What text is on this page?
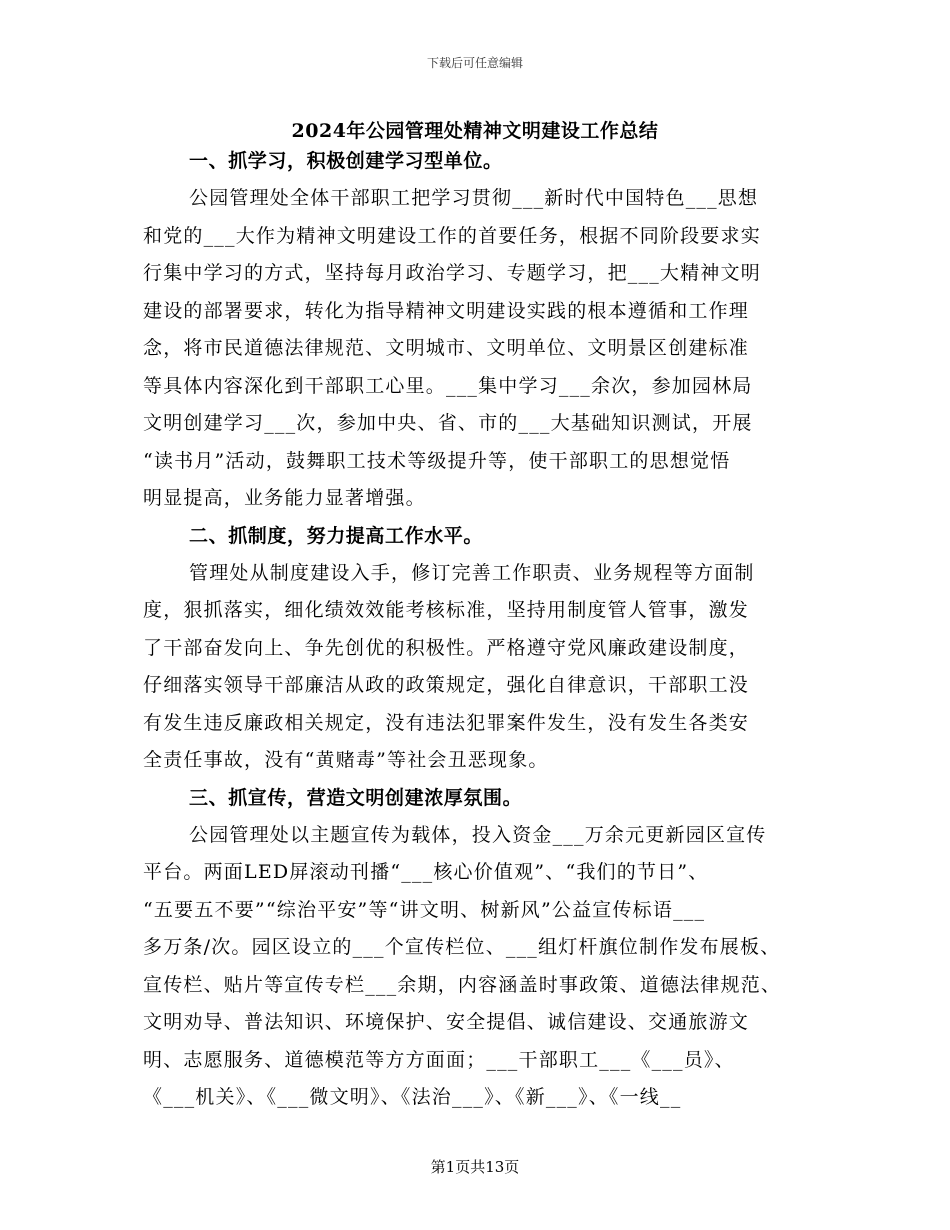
下载后可任意编辑
2024年公园管理处精神文明建设工作总结
一、抓学习，积极创建学习型单位。
公园管理处全体干部职工把学习贯彻___新时代中国特色___思想
和党的___大作为精神文明建设工作的首要任务，根据不同阶段要求实
行集中学习的方式，坚持每月政治学习、专题学习，把___大精神文明
建设的部署要求，转化为指导精神文明建设实践的根本遵循和工作理
念，将市民道德法律规范、文明城市、文明单位、文明景区创建标准
等具体内容深化到干部职工心里。___集中学习___余次，参加园林局
文明创建学习___次，参加中央、省、市的___大基础知识测试，开展
“读书月”活动，鼓舞职工技术等级提升等，使干部职工的思想觉悟
明显提高，业务能力显著增强。
二、抓制度，努力提高工作水平。
管理处从制度建设入手，修订完善工作职责、业务规程等方面制
度，狠抓落实，细化绩效效能考核标准，坚持用制度管人管事，激发
了干部奋发向上、争先创优的积极性。严格遵守党风廉政建设制度，
仔细落实领导干部廉洁从政的政策规定，强化自律意识，干部职工没
有发生违反廉政相关规定，没有违法犯罪案件发生，没有发生各类安
全责任事故，没有“黄赌毒”等社会丑恶现象。
三、抓宣传，营造文明创建浓厚氛围。
公园管理处以主题宣传为载体，投入资金___万余元更新园区宣传
平台。两面LED屏滚动刊播“___核心价值观”、“我们的节日”、
“五要五不要”“综治平安”等“讲文明、树新风”公益宣传标语___
多万条/次。园区设立的___个宣传栏位、___组灯杆旗位制作发布展板、
宣传栏、贴片等宣传专栏___余期，内容涵盖时事政策、道德法律规范、
文明劝导、普法知识、环境保护、安全提倡、诚信建设、交通旅游文
明、志愿服务、道德模范等方方面面；___干部职工___《___员》、
《___机关》、《___微文明》、《法治___》、《新___》、《一线__
第1页共13页
